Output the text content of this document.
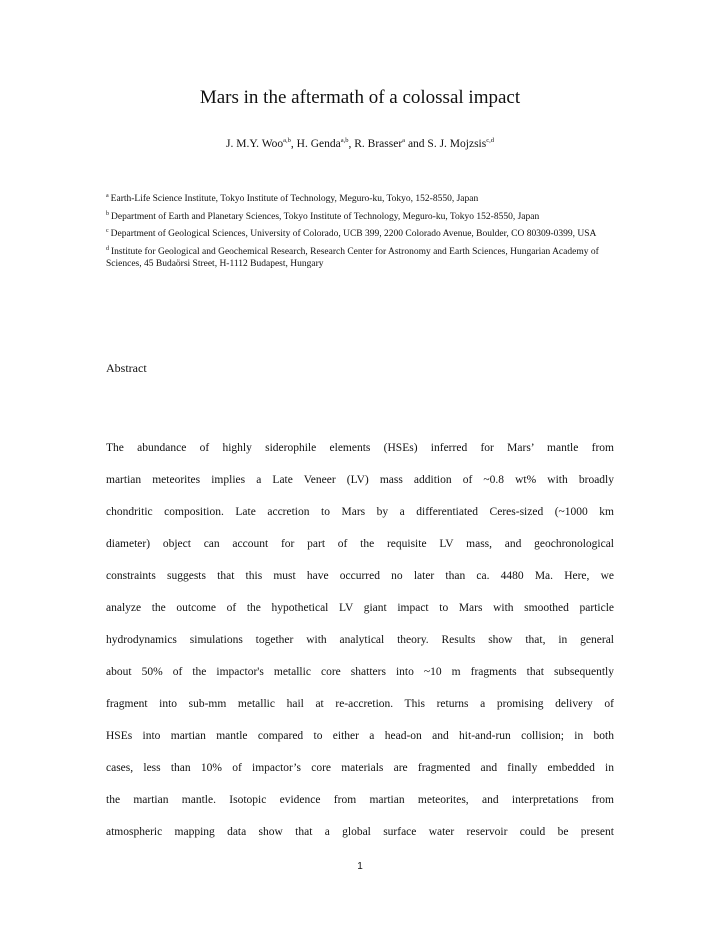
Mars in the aftermath of a colossal impact
J. M.Y. Woo$^{a,b}$, H. Genda$^{a,b}$, R. Brasser$^a$ and S. J. Mojzsis$^{c,d}$
$^a$ Earth-Life Science Institute, Tokyo Institute of Technology, Meguro-ku, Tokyo, 152-8550, Japan
$^b$ Department of Earth and Planetary Sciences, Tokyo Institute of Technology, Meguro-ku, Tokyo 152-8550, Japan
$^c$ Department of Geological Sciences, University of Colorado, UCB 399, 2200 Colorado Avenue, Boulder, CO 80309-0399, USA
$^d$ Institute for Geological and Geochemical Research, Research Center for Astronomy and Earth Sciences, Hungarian Academy of Sciences, 45 Budaörsi Street, H-1112 Budapest, Hungary
Abstract
The abundance of highly siderophile elements (HSEs) inferred for Mars’ mantle from
martian meteorites implies a Late Veneer (LV) mass addition of ~0.8 wt% with broadly
chondritic composition. Late accretion to Mars by a differentiated Ceres-sized (~1000 km
diameter) object can account for part of the requisite LV mass, and geochronological
constraints suggests that this must have occurred no later than ca. 4480 Ma. Here, we
analyze the outcome of the hypothetical LV giant impact to Mars with smoothed particle
hydrodynamics simulations together with analytical theory. Results show that, in general
about 50% of the impactor's metallic core shatters into ~10 m fragments that subsequently
fragment into sub-mm metallic hail at re-accretion. This returns a promising delivery of
HSEs into martian mantle compared to either a head-on and hit-and-run collision; in both
cases, less than 10% of impactor’s core materials are fragmented and finally embedded in
the martian mantle. Isotopic evidence from martian meteorites, and interpretations from
atmospheric mapping data show that a global surface water reservoir could be present
1
